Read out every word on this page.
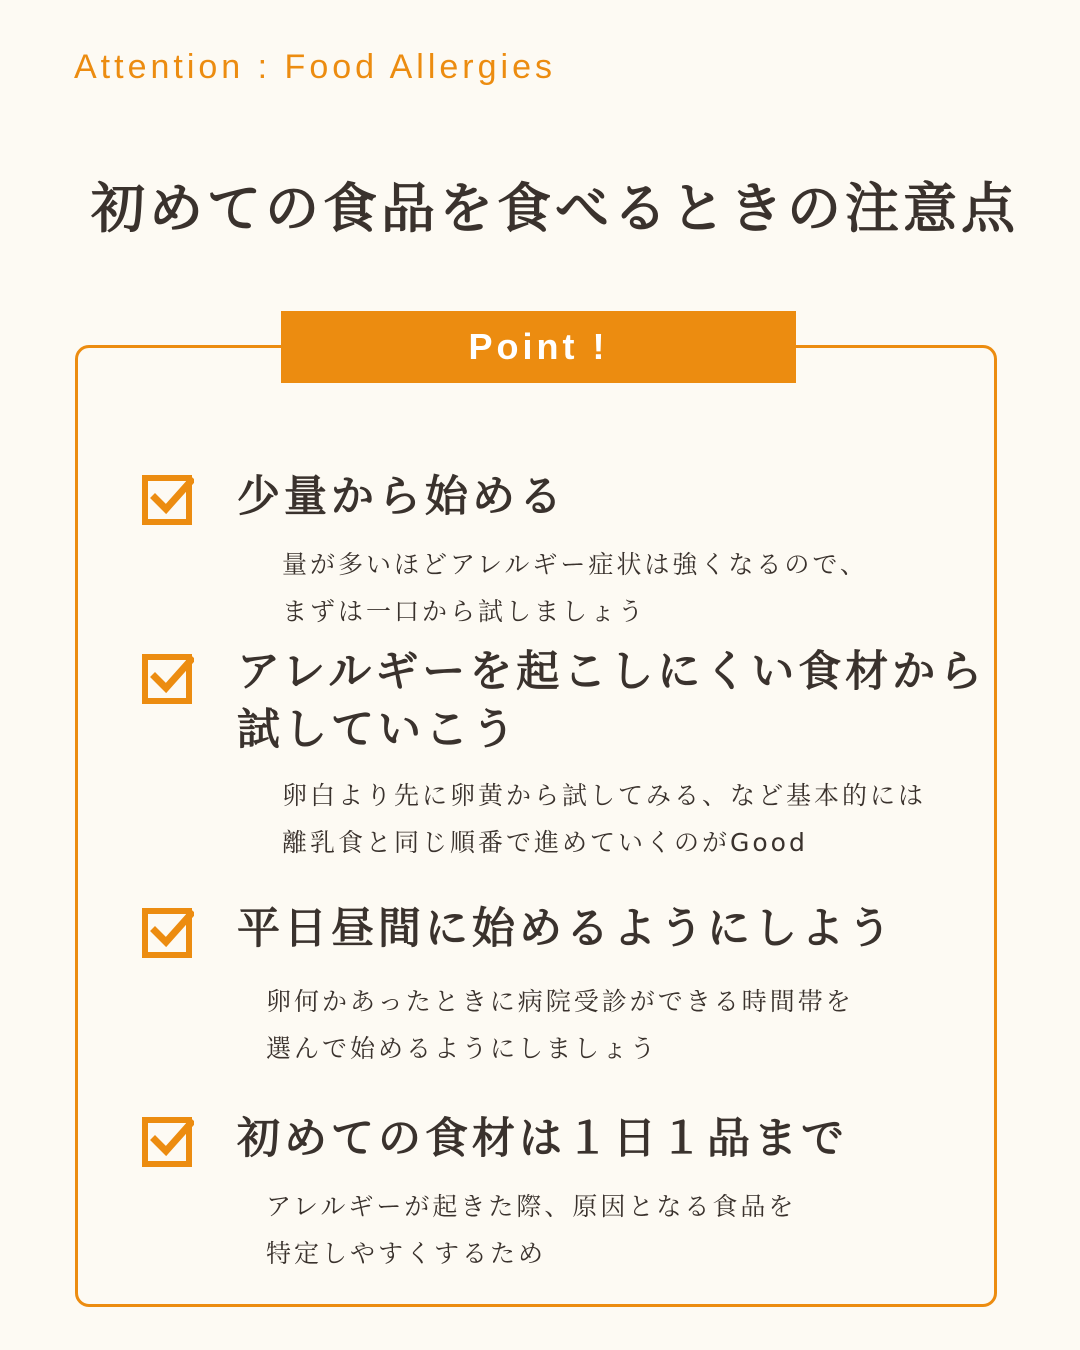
Attention : Food Allergies
初めての食品を食べるときの注意点
Point !
少量から始める
量が多いほどアレルギー症状は強くなるので、
まずは一口から試しましょう
アレルギーを起こしにくい食材から
試していこう
卵白より先に卵黄から試してみる、など基本的には
離乳食と同じ順番で進めていくのがGood
平日昼間に始めるようにしよう
卵何かあったときに病院受診ができる時間帯を
選んで始めるようにしましょう
初めての食材は１日１品まで
アレルギーが起きた際、原因となる食品を
特定しやすくするため
